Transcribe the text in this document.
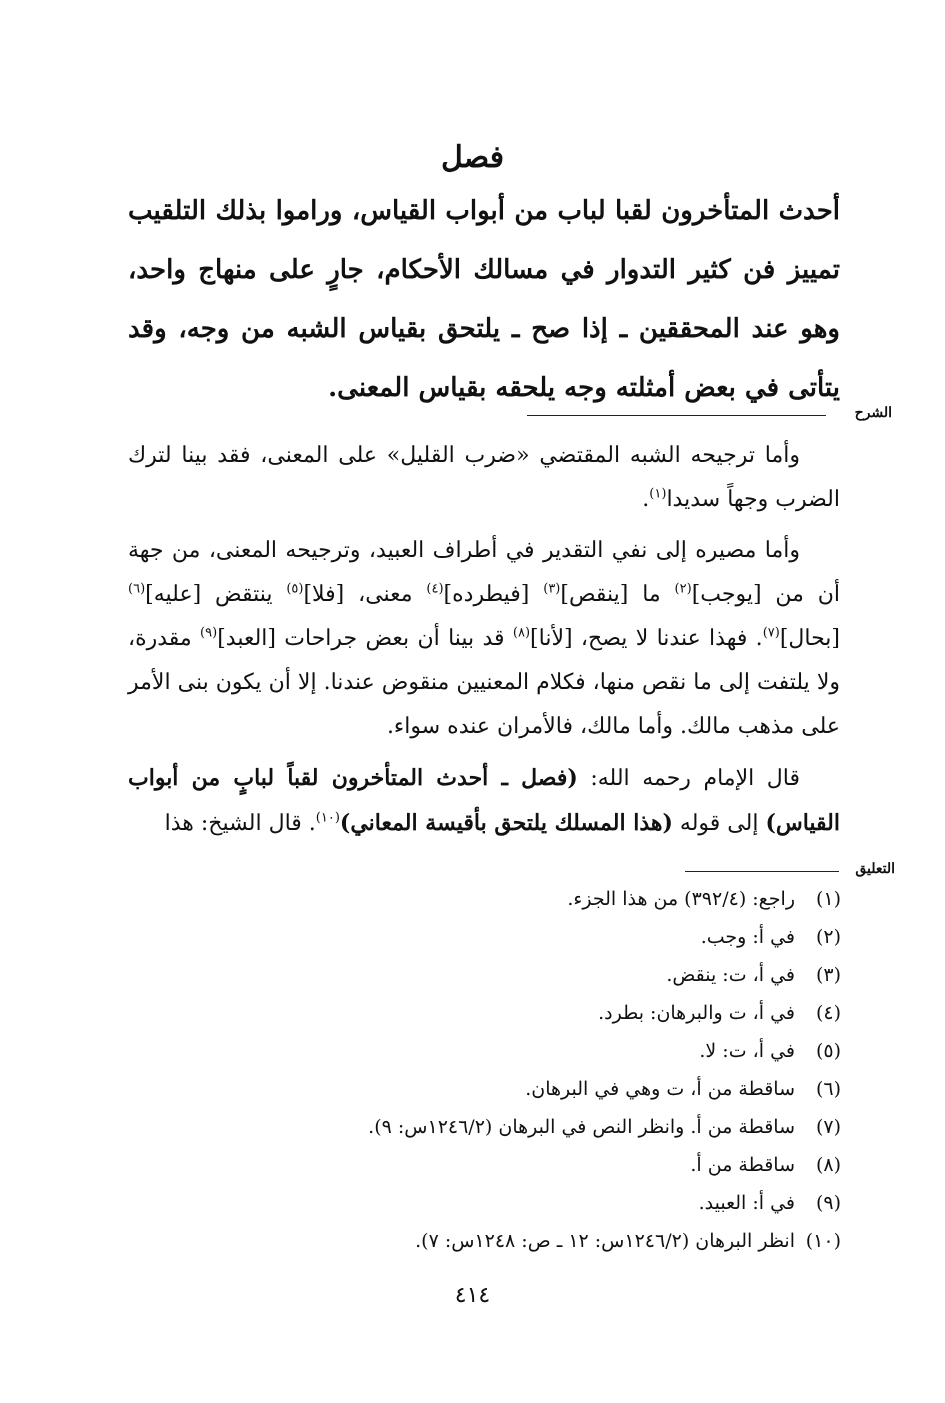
فصل
أحدث المتأخرون لقبا لباب من أبواب القياس، وراموا بذلك التلقيب تمييز فن كثير التدوار في مسالك الأحكام، جارٍ على منهاج واحد، وهو عند المحققين ـ إذا صح ـ يلتحق بقياس الشبه من وجه، وقد يتأتى في بعض أمثلته وجه يلحقه بقياس المعنى.
الشرح

وأما ترجيحه الشبه المقتضي «ضرب القليل» على المعنى، فقد بينا لترك الضرب وجهاً سديدا$^{(١)}$.

وأما مصيره إلى نفي التقدير في أطراف العبيد، وترجيحه المعنى، من جهة أن من [يوجب]$^{(٢)}$ ما [ينقص]$^{(٣)}$ [فيطرده]$^{(٤)}$ معنى، [فلا]$^{(٥)}$ ينتقض [عليه]$^{(٦)}$ [بحال]$^{(٧)}$. فهذا عندنا لا يصح، [لأنا]$^{(٨)}$ قد بينا أن بعض جراحات [العبد]$^{(٩)}$ مقدرة، ولا يلتفت إلى ما نقص منها، فكلام المعنيين منقوض عندنا. إلا أن يكون بنى الأمر على مذهب مالك. وأما مالك، فالأمران عنده سواء.

قال الإمام رحمه الله: (فصل ـ أحدث المتأخرون لقباً لبابٍ من أبواب القياس) إلى قوله (هذا المسلك يلتحق بأقيسة المعاني)$^{(١٠)}$. قال الشيخ: هذا

التعليق
(١)راجع: (٣٩٢/٤) من هذا الجزء.
(٢)في أ: وجب.
(٣)في أ، ت: ينقض.
(٤)في أ، ت والبرهان: بطرد.
(٥)في أ، ت: لا.
(٦)ساقطة من أ، ت وهي في البرهان.
(٧)ساقطة من أ. وانظر النص في البرهان (١٢٤٦/٢س: ٩).
(٨)ساقطة من أ.
(٩)في أ: العبيد.
(١٠)انظر البرهان (١٢٤٦/٢س: ١٢ ـ ص: ١٢٤٨س: ٧).
٤١٤
